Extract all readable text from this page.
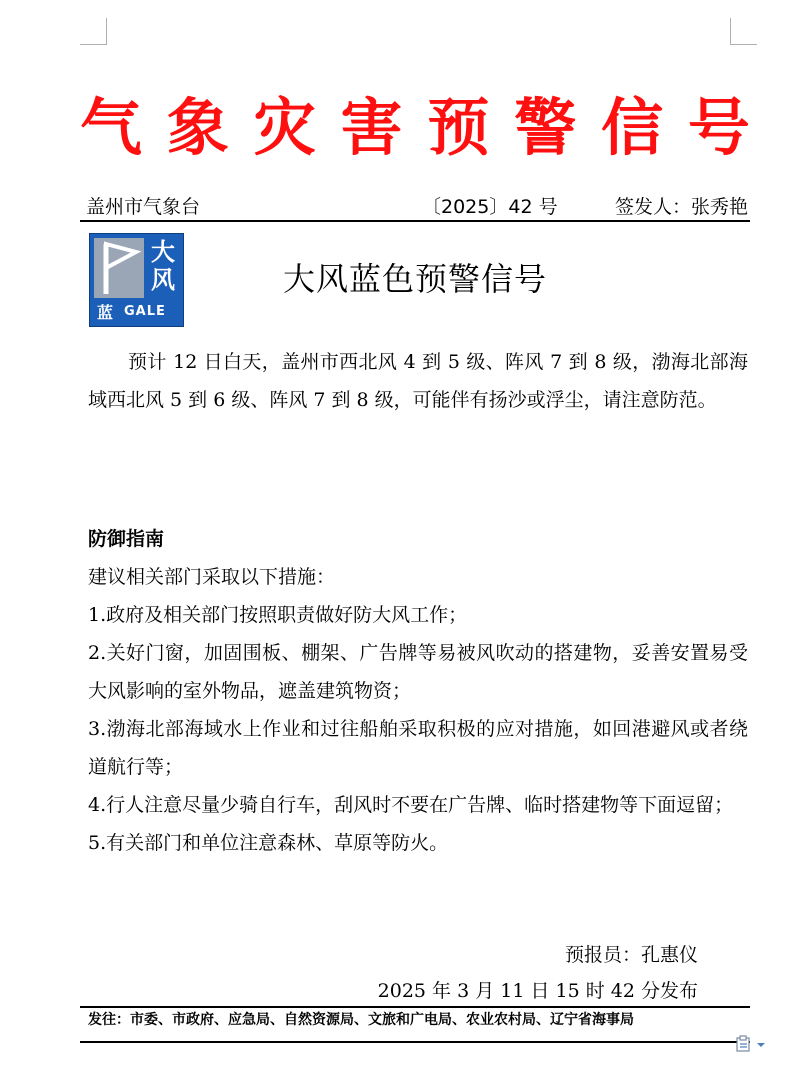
气 象 灾 害 预 警 信 号
盖州市气象台	〔2025〕42 号	签发人：张秀艳
大风
蓝 GALE
大风蓝色预警信号

预计 12 日白天，盖州市西北风 4 到 5 级、阵风 7 到 8 级，渤海北部海域西北风 5 到 6 级、阵风 7 到 8 级，可能伴有扬沙或浮尘，请注意防范。

防御指南
建议相关部门采取以下措施：
1.政府及相关部门按照职责做好防大风工作；
2.关好门窗，加固围板、棚架、广告牌等易被风吹动的搭建物，妥善安置易受大风影响的室外物品，遮盖建筑物资；
3.渤海北部海域水上作业和过往船舶采取积极的应对措施，如回港避风或者绕道航行等；
4.行人注意尽量少骑自行车，刮风时不要在广告牌、临时搭建物等下面逗留；
5.有关部门和单位注意森林、草原等防火。
预报员：孔惠仪
2025 年 3 月 11 日 15 时 42 分发布
发往：市委、市政府、应急局、自然资源局、文旅和广电局、农业农村局、辽宁省海事局
